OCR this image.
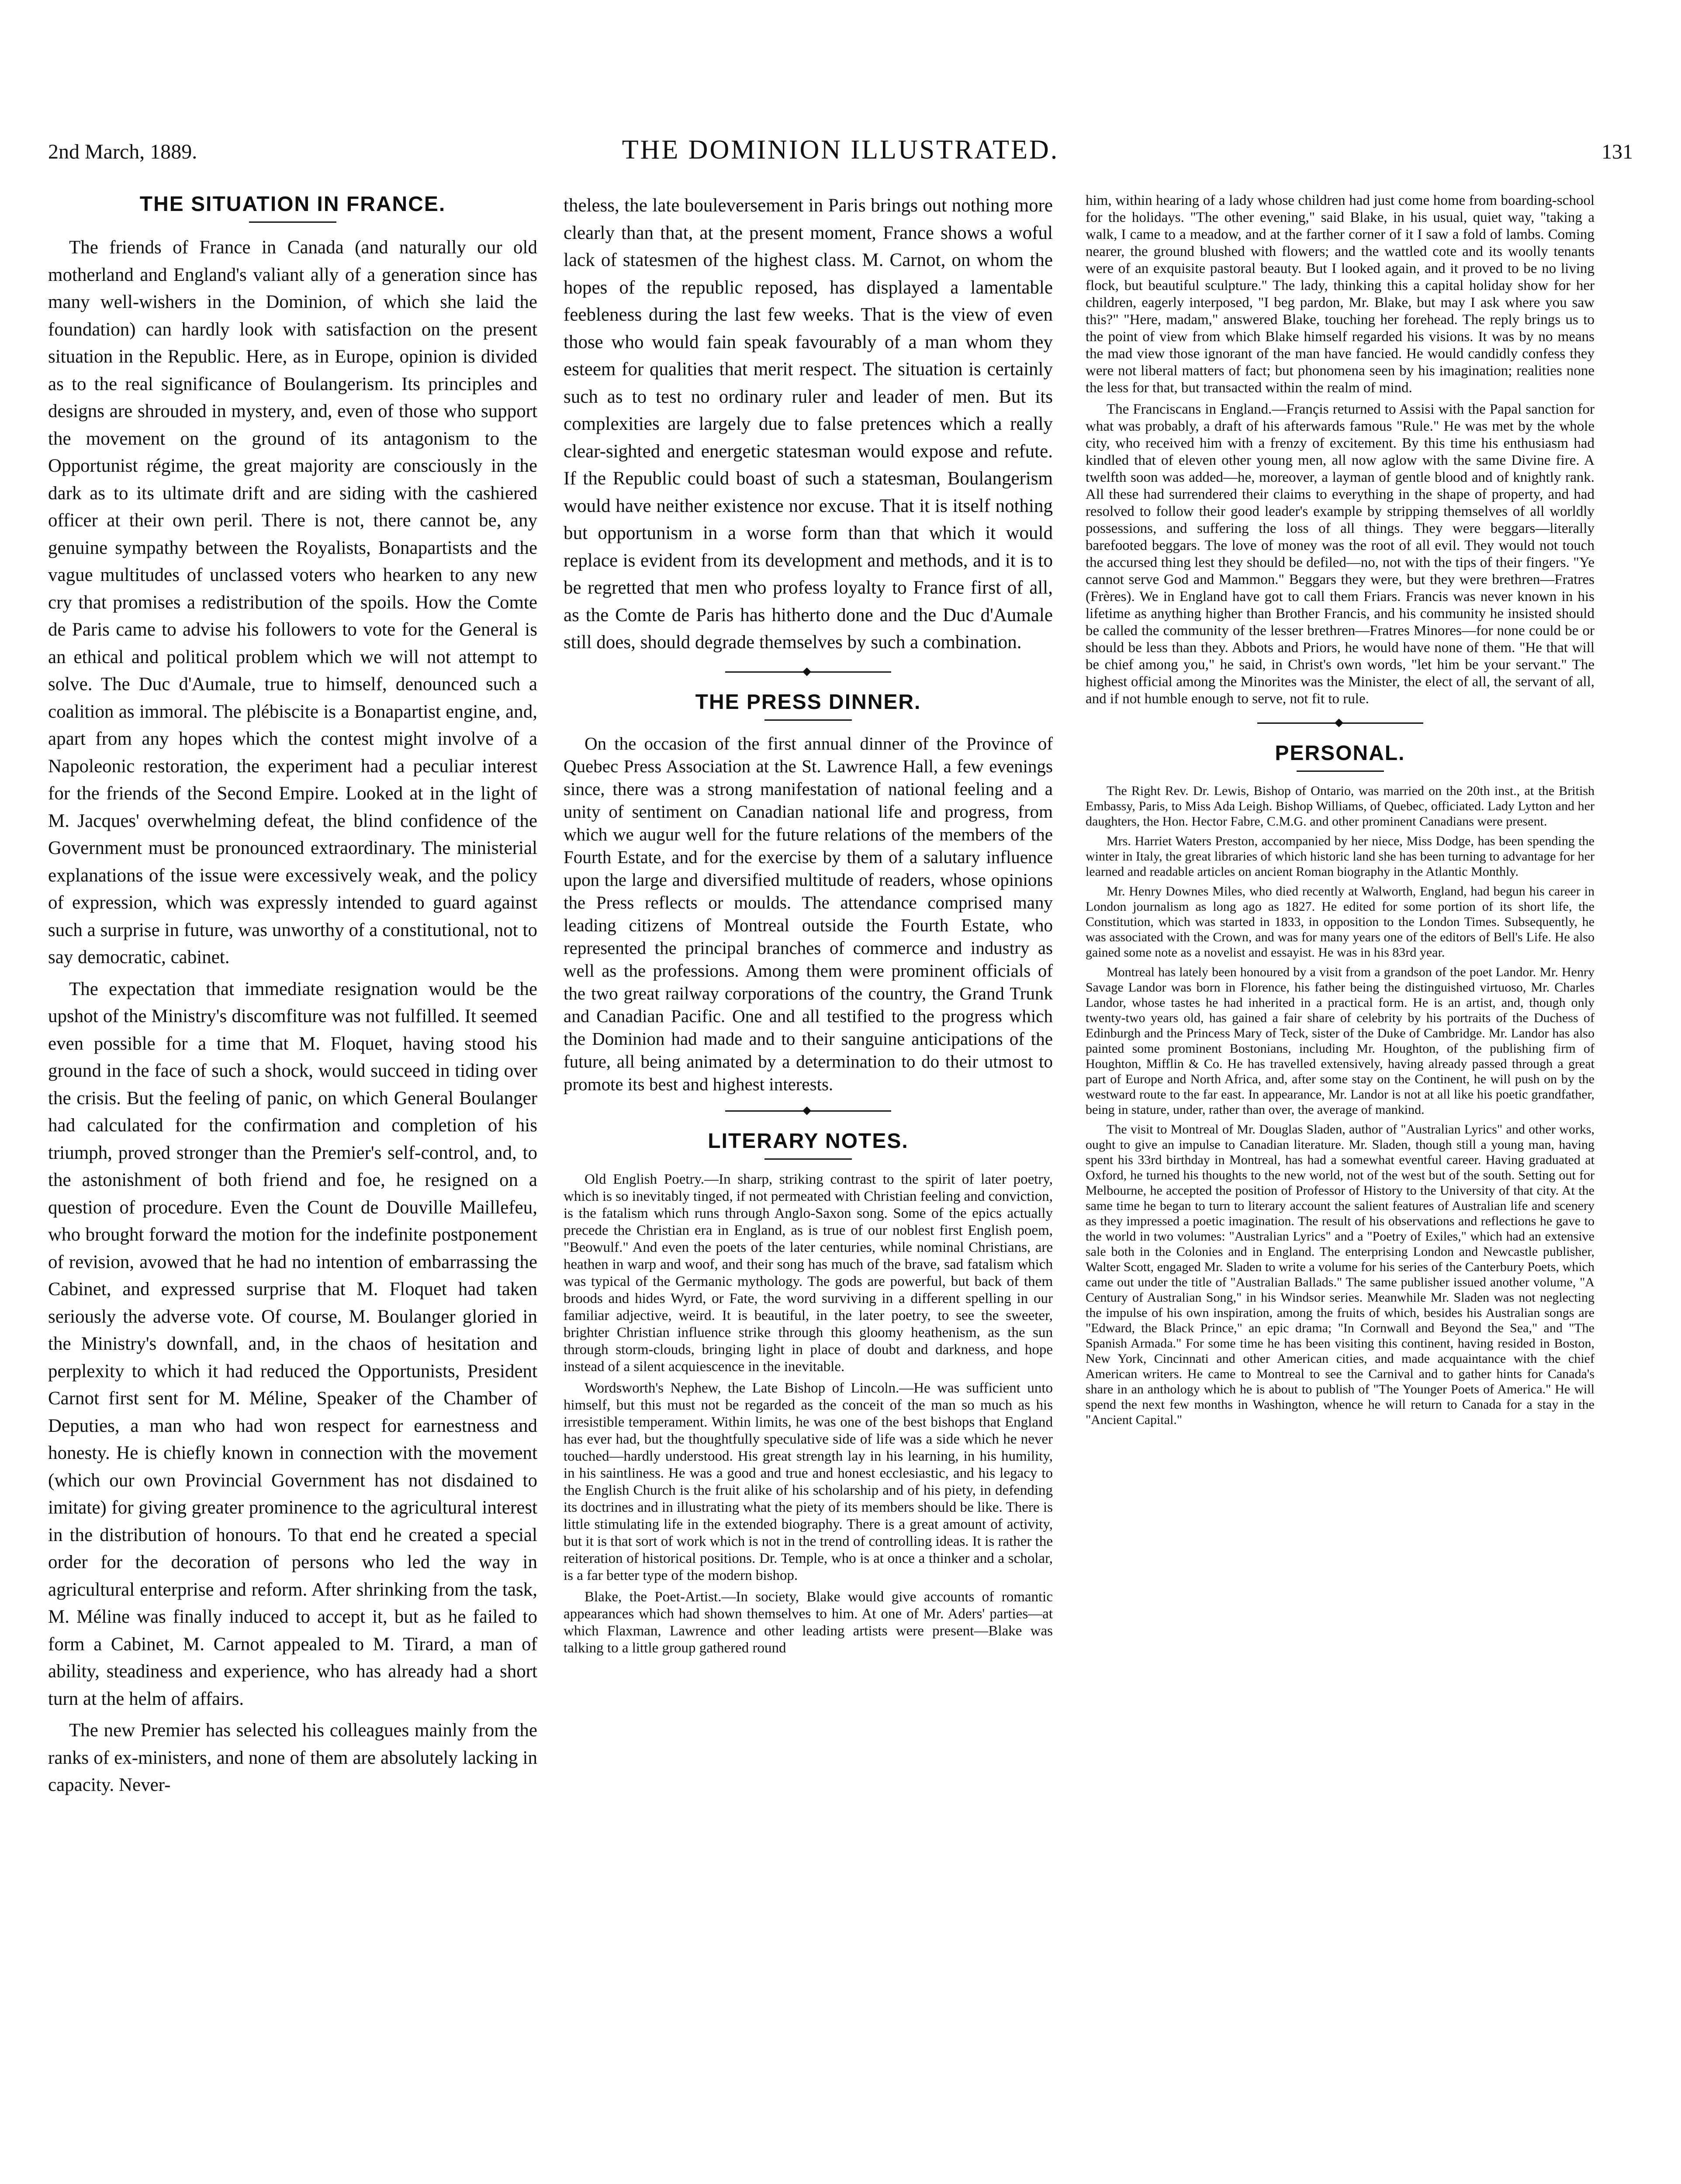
2nd March, 1889.	THE DOMINION ILLUSTRATED.	131
THE SITUATION IN FRANCE.

The friends of France in Canada (and naturally our old motherland and England's valiant ally of a generation since has many well-wishers in the Dominion, of which she laid the foundation) can hardly look with satisfaction on the present situation in the Republic. Here, as in Europe, opinion is divided as to the real significance of Boulangerism. Its principles and designs are shrouded in mystery, and, even of those who support the movement on the ground of its antagonism to the Opportunist régime, the great majority are consciously in the dark as to its ultimate drift and are siding with the cashiered officer at their own peril. There is not, there cannot be, any genuine sympathy between the Royalists, Bonapartists and the vague multitudes of unclassed voters who hearken to any new cry that promises a redistribution of the spoils. How the Comte de Paris came to advise his followers to vote for the General is an ethical and political problem which we will not attempt to solve. The Duc d'Aumale, true to himself, denounced such a coalition as immoral. The plébiscite is a Bonapartist engine, and, apart from any hopes which the contest might involve of a Napoleonic restoration, the experiment had a peculiar interest for the friends of the Second Empire. Looked at in the light of M. Jacques' overwhelming defeat, the blind confidence of the Government must be pronounced extraordinary. The ministerial explanations of the issue were excessively weak, and the policy of expression, which was expressly intended to guard against such a surprise in future, was unworthy of a constitutional, not to say democratic, cabinet.

The expectation that immediate resignation would be the upshot of the Ministry's discomfiture was not fulfilled. It seemed even possible for a time that M. Floquet, having stood his ground in the face of such a shock, would succeed in tiding over the crisis. But the feeling of panic, on which General Boulanger had calculated for the confirmation and completion of his triumph, proved stronger than the Premier's self-control, and, to the astonishment of both friend and foe, he resigned on a question of procedure. Even the Count de Douville Maillefeu, who brought forward the motion for the indefinite postponement of revision, avowed that he had no intention of embarrassing the Cabinet, and expressed surprise that M. Floquet had taken seriously the adverse vote. Of course, M. Boulanger gloried in the Ministry's downfall, and, in the chaos of hesitation and perplexity to which it had reduced the Opportunists, President Carnot first sent for M. Méline, Speaker of the Chamber of Deputies, a man who had won respect for earnestness and honesty. He is chiefly known in connection with the movement (which our own Provincial Government has not disdained to imitate) for giving greater prominence to the agricultural interest in the distribution of honours. To that end he created a special order for the decoration of persons who led the way in agricultural enterprise and reform. After shrinking from the task, M. Méline was finally induced to accept it, but as he failed to form a Cabinet, M. Carnot appealed to M. Tirard, a man of ability, steadiness and experience, who has already had a short turn at the helm of affairs.

The new Premier has selected his colleagues mainly from the ranks of ex-ministers, and none of them are absolutely lacking in capacity. Never-

theless, the late bouleversement in Paris brings out nothing more clearly than that, at the present moment, France shows a woful lack of statesmen of the highest class. M. Carnot, on whom the hopes of the republic reposed, has displayed a lamentable feebleness during the last few weeks. That is the view of even those who would fain speak favourably of a man whom they esteem for qualities that merit respect. The situation is certainly such as to test no ordinary ruler and leader of men. But its complexities are largely due to false pretences which a really clear-sighted and energetic statesman would expose and refute. If the Republic could boast of such a statesman, Boulangerism would have neither existence nor excuse. That it is itself nothing but opportunism in a worse form than that which it would replace is evident from its development and methods, and it is to be regretted that men who profess loyalty to France first of all, as the Comte de Paris has hitherto done and the Duc d'Aumale still does, should degrade themselves by such a combination.

THE PRESS DINNER.

On the occasion of the first annual dinner of the Province of Quebec Press Association at the St. Lawrence Hall, a few evenings since, there was a strong manifestation of national feeling and a unity of sentiment on Canadian national life and progress, from which we augur well for the future relations of the members of the Fourth Estate, and for the exercise by them of a salutary influence upon the large and diversified multitude of readers, whose opinions the Press reflects or moulds. The attendance comprised many leading citizens of Montreal outside the Fourth Estate, who represented the principal branches of commerce and industry as well as the professions. Among them were prominent officials of the two great railway corporations of the country, the Grand Trunk and Canadian Pacific. One and all testified to the progress which the Dominion had made and to their sanguine anticipations of the future, all being animated by a determination to do their utmost to promote its best and highest interests.

LITERARY NOTES.

Old English Poetry.—In sharp, striking contrast to the spirit of later poetry, which is so inevitably tinged, if not permeated with Christian feeling and conviction, is the fatalism which runs through Anglo-Saxon song. Some of the epics actually precede the Christian era in England, as is true of our noblest first English poem, "Beowulf." And even the poets of the later centuries, while nominal Christians, are heathen in warp and woof, and their song has much of the brave, sad fatalism which was typical of the Germanic mythology. The gods are powerful, but back of them broods and hides Wyrd, or Fate, the word surviving in a different spelling in our familiar adjective, weird. It is beautiful, in the later poetry, to see the sweeter, brighter Christian influence strike through this gloomy heathenism, as the sun through storm-clouds, bringing light in place of doubt and darkness, and hope instead of a silent acquiescence in the inevitable.

Wordsworth's Nephew, the Late Bishop of Lincoln.—He was sufficient unto himself, but this must not be regarded as the conceit of the man so much as his irresistible temperament. Within limits, he was one of the best bishops that England has ever had, but the thoughtfully speculative side of life was a side which he never touched—hardly understood. His great strength lay in his learning, in his humility, in his saintliness. He was a good and true and honest ecclesiastic, and his legacy to the English Church is the fruit alike of his scholarship and of his piety, in defending its doctrines and in illustrating what the piety of its members should be like. There is little stimulating life in the extended biography. There is a great amount of activity, but it is that sort of work which is not in the trend of controlling ideas. It is rather the reiteration of historical positions. Dr. Temple, who is at once a thinker and a scholar, is a far better type of the modern bishop.

Blake, the Poet-Artist.—In society, Blake would give accounts of romantic appearances which had shown themselves to him. At one of Mr. Aders' parties—at which Flaxman, Lawrence and other leading artists were present—Blake was talking to a little group gathered round

him, within hearing of a lady whose children had just come home from boarding-school for the holidays. "The other evening," said Blake, in his usual, quiet way, "taking a walk, I came to a meadow, and at the farther corner of it I saw a fold of lambs. Coming nearer, the ground blushed with flowers; and the wattled cote and its woolly tenants were of an exquisite pastoral beauty. But I looked again, and it proved to be no living flock, but beautiful sculpture." The lady, thinking this a capital holiday show for her children, eagerly interposed, "I beg pardon, Mr. Blake, but may I ask where you saw this?" "Here, madam," answered Blake, touching her forehead. The reply brings us to the point of view from which Blake himself regarded his visions. It was by no means the mad view those ignorant of the man have fancied. He would candidly confess they were not liberal matters of fact; but phonomena seen by his imagination; realities none the less for that, but transacted within the realm of mind.

The Franciscans in England.—Françis returned to Assisi with the Papal sanction for what was probably, a draft of his afterwards famous "Rule." He was met by the whole city, who received him with a frenzy of excitement. By this time his enthusiasm had kindled that of eleven other young men, all now aglow with the same Divine fire. A twelfth soon was added—he, moreover, a layman of gentle blood and of knightly rank. All these had surrendered their claims to everything in the shape of property, and had resolved to follow their good leader's example by stripping themselves of all worldly possessions, and suffering the loss of all things. They were beggars—literally barefooted beggars. The love of money was the root of all evil. They would not touch the accursed thing lest they should be defiled—no, not with the tips of their fingers. "Ye cannot serve God and Mammon." Beggars they were, but they were brethren—Fratres (Frères). We in England have got to call them Friars. Francis was never known in his lifetime as anything higher than Brother Francis, and his community he insisted should be called the community of the lesser brethren—Fratres Minores—for none could be or should be less than they. Abbots and Priors, he would have none of them. "He that will be chief among you," he said, in Christ's own words, "let him be your servant." The highest official among the Minorites was the Minister, the elect of all, the servant of all, and if not humble enough to serve, not fit to rule.

PERSONAL.

The Right Rev. Dr. Lewis, Bishop of Ontario, was married on the 20th inst., at the British Embassy, Paris, to Miss Ada Leigh. Bishop Williams, of Quebec, officiated. Lady Lytton and her daughters, the Hon. Hector Fabre, C.M.G. and other prominent Canadians were present.

Mrs. Harriet Waters Preston, accompanied by her niece, Miss Dodge, has been spending the winter in Italy, the great libraries of which historic land she has been turning to advantage for her learned and readable articles on ancient Roman biography in the Atlantic Monthly.

Mr. Henry Downes Miles, who died recently at Walworth, England, had begun his career in London journalism as long ago as 1827. He edited for some portion of its short life, the Constitution, which was started in 1833, in opposition to the London Times. Subsequently, he was associated with the Crown, and was for many years one of the editors of Bell's Life. He also gained some note as a novelist and essayist. He was in his 83rd year.

Montreal has lately been honoured by a visit from a grandson of the poet Landor. Mr. Henry Savage Landor was born in Florence, his father being the distinguished virtuoso, Mr. Charles Landor, whose tastes he had inherited in a practical form. He is an artist, and, though only twenty-two years old, has gained a fair share of celebrity by his portraits of the Duchess of Edinburgh and the Princess Mary of Teck, sister of the Duke of Cambridge. Mr. Landor has also painted some prominent Bostonians, including Mr. Houghton, of the publishing firm of Houghton, Mifflin & Co. He has travelled extensively, having already passed through a great part of Europe and North Africa, and, after some stay on the Continent, he will push on by the westward route to the far east. In appearance, Mr. Landor is not at all like his poetic grandfather, being in stature, under, rather than over, the average of mankind.

The visit to Montreal of Mr. Douglas Sladen, author of "Australian Lyrics" and other works, ought to give an impulse to Canadian literature. Mr. Sladen, though still a young man, having spent his 33rd birthday in Montreal, has had a somewhat eventful career. Having graduated at Oxford, he turned his thoughts to the new world, not of the west but of the south. Setting out for Melbourne, he accepted the position of Professor of History to the University of that city. At the same time he began to turn to literary account the salient features of Australian life and scenery as they impressed a poetic imagination. The result of his observations and reflections he gave to the world in two volumes: "Australian Lyrics" and a "Poetry of Exiles," which had an extensive sale both in the Colonies and in England. The enterprising London and Newcastle publisher, Walter Scott, engaged Mr. Sladen to write a volume for his series of the Canterbury Poets, which came out under the title of "Australian Ballads." The same publisher issued another volume, "A Century of Australian Song," in his Windsor series. Meanwhile Mr. Sladen was not neglecting the impulse of his own inspiration, among the fruits of which, besides his Australian songs are "Edward, the Black Prince," an epic drama; "In Cornwall and Beyond the Sea," and "The Spanish Armada." For some time he has been visiting this continent, having resided in Boston, New York, Cincinnati and other American cities, and made acquaintance with the chief American writers. He came to Montreal to see the Carnival and to gather hints for Canada's share in an anthology which he is about to publish of "The Younger Poets of America." He will spend the next few months in Washington, whence he will return to Canada for a stay in the "Ancient Capital."
